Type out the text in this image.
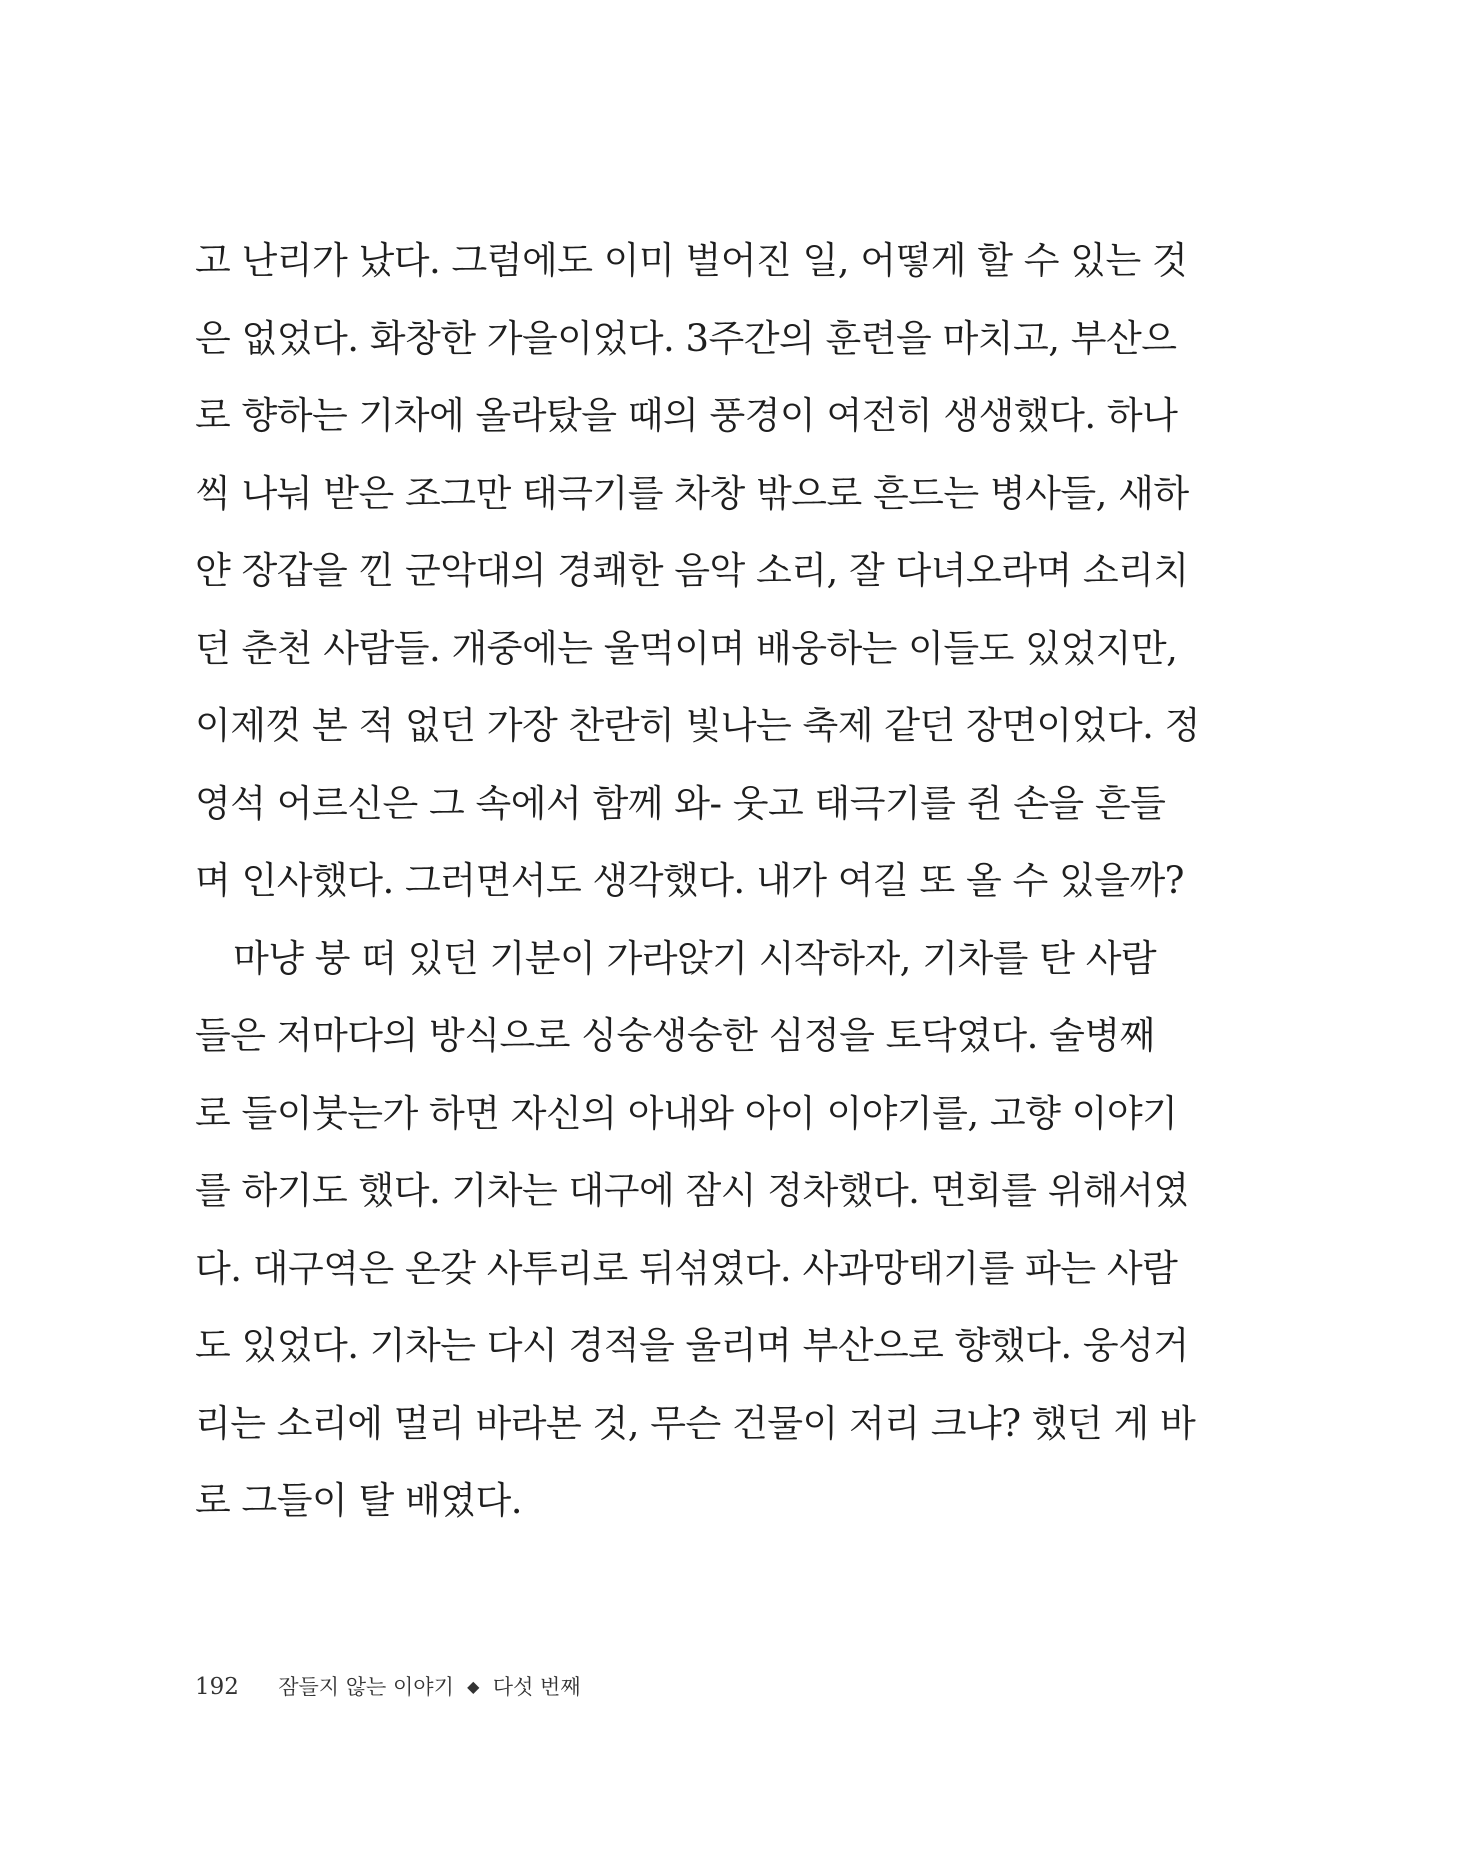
고 난리가 났다. 그럼에도 이미 벌어진 일, 어떻게 할 수 있는 것
은 없었다. 화창한 가을이었다. 3주간의 훈련을 마치고, 부산으
로 향하는 기차에 올라탔을 때의 풍경이 여전히 생생했다. 하나
씩 나눠 받은 조그만 태극기를 차창 밖으로 흔드는 병사들, 새하
얀 장갑을 낀 군악대의 경쾌한 음악 소리, 잘 다녀오라며 소리치
던 춘천 사람들. 개중에는 울먹이며 배웅하는 이들도 있었지만,
이제껏 본 적 없던 가장 찬란히 빛나는 축제 같던 장면이었다. 정
영석 어르신은 그 속에서 함께 와- 웃고 태극기를 쥔 손을 흔들
며 인사했다. 그러면서도 생각했다. 내가 여길 또 올 수 있을까?
마냥 붕 떠 있던 기분이 가라앉기 시작하자, 기차를 탄 사람
들은 저마다의 방식으로 싱숭생숭한 심정을 토닥였다. 술병째
로 들이붓는가 하면 자신의 아내와 아이 이야기를, 고향 이야기
를 하기도 했다. 기차는 대구에 잠시 정차했다. 면회를 위해서였
다. 대구역은 온갖 사투리로 뒤섞였다. 사과망태기를 파는 사람
도 있었다. 기차는 다시 경적을 울리며 부산으로 향했다. 웅성거
리는 소리에 멀리 바라본 것, 무슨 건물이 저리 크냐? 했던 게 바
로 그들이 탈 배였다.
192 잠들지 않는 이야기 ◆ 다섯 번째
